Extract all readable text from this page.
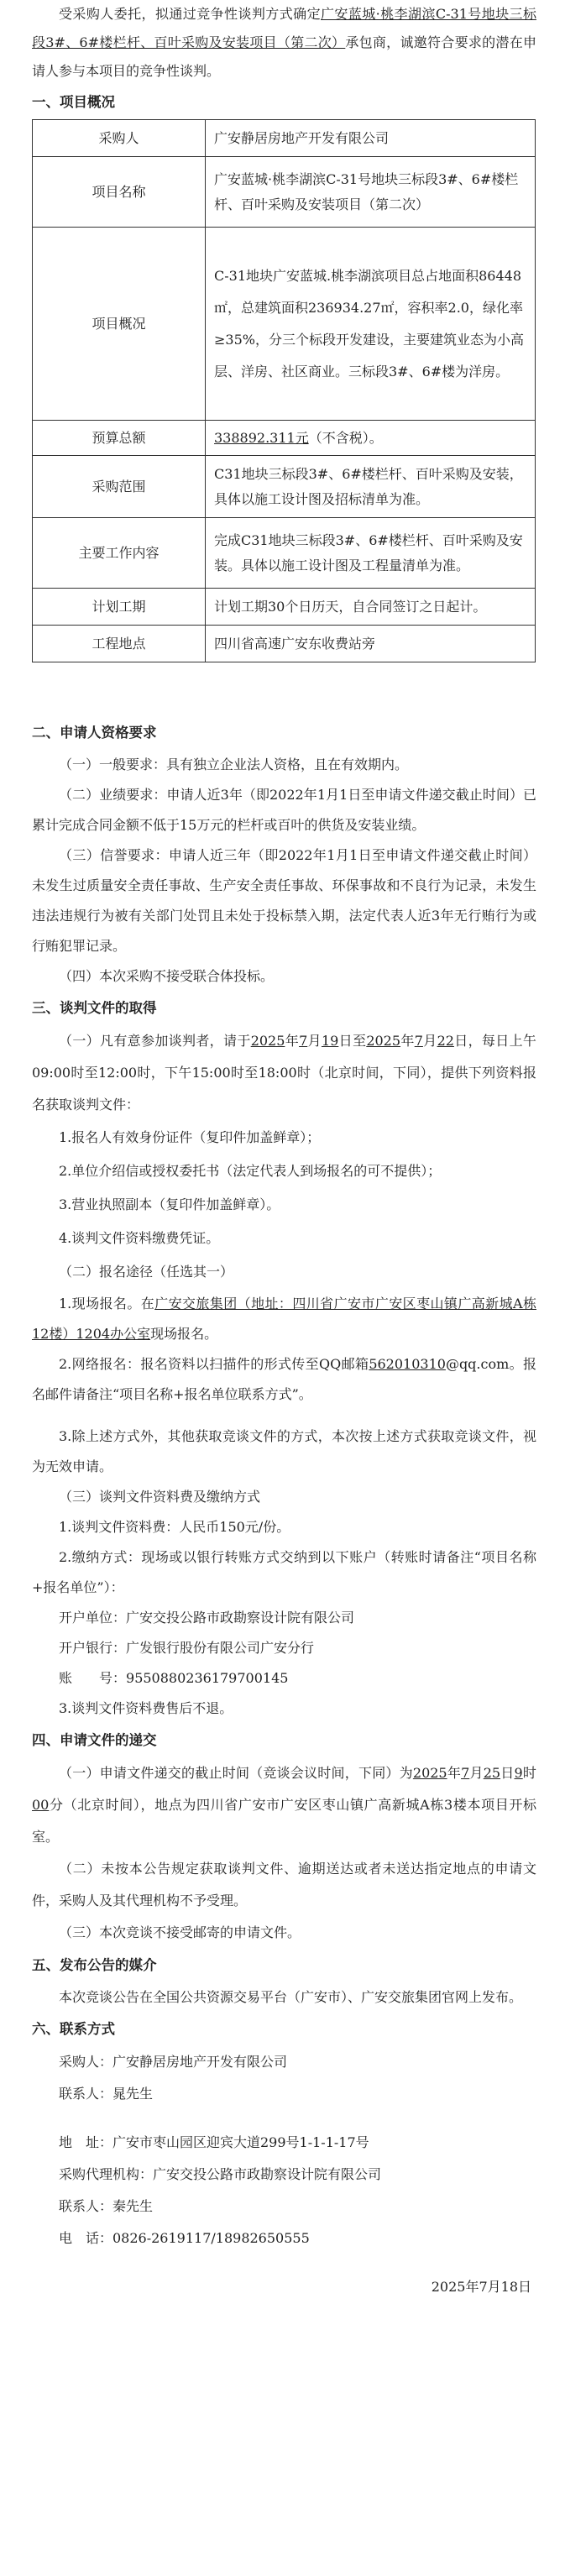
受采购人委托，拟通过竞争性谈判方式确定广安蓝城·桃李湖滨C-31号地块三标段3#、6#楼栏杆、百叶采购及安装项目（第二次）承包商，诚邀符合要求的潜在申请人参与本项目的竞争性谈判。

一、项目概况
采购人	广安静居房地产开发有限公司
项目名称	广安蓝城·桃李湖滨C-31号地块三标段3#、6#楼栏杆、百叶采购及安装项目（第二次）
项目概况	C-31地块广安蓝城.桃李湖滨项目总占地面积86448㎡，总建筑面积236934.27㎡，容积率2.0，绿化率≥35%，分三个标段开发建设，主要建筑业态为小高层、洋房、社区商业。三标段3#、6#楼为洋房。
预算总额	338892.311元（不含税）。
采购范围	C31地块三标段3#、6#楼栏杆、百叶采购及安装，具体以施工设计图及招标清单为准。
主要工作内容	完成C31地块三标段3#、6#楼栏杆、百叶采购及安装。具体以施工设计图及工程量清单为准。
计划工期	计划工期30个日历天，自合同签订之日起计。
工程地点	四川省高速广安东收费站旁
二、申请人资格要求

（一）一般要求：具有独立企业法人资格，且在有效期内。

（二）业绩要求：申请人近3年（即2022年1月1日至申请文件递交截止时间）已累计完成合同金额不低于15万元的栏杆或百叶的供货及安装业绩。

（三）信誉要求：申请人近三年（即2022年1月1日至申请文件递交截止时间）未发生过质量安全责任事故、生产安全责任事故、环保事故和不良行为记录，未发生违法违规行为被有关部门处罚且未处于投标禁入期，法定代表人近3年无行贿行为或行贿犯罪记录。

（四）本次采购不接受联合体投标。

三、谈判文件的取得

（一）凡有意参加谈判者，请于2025年7月19日至2025年7月22日，每日上午09:00时至12:00时，下午15:00时至18:00时（北京时间，下同），提供下列资料报名获取谈判文件：

1.报名人有效身份证件（复印件加盖鲜章）；

2.单位介绍信或授权委托书（法定代表人到场报名的可不提供）；

3.营业执照副本（复印件加盖鲜章）。

4.谈判文件资料缴费凭证。

（二）报名途径（任选其一）

1.现场报名。在广安交旅集团（地址：四川省广安市广安区枣山镇广高新城A栋12楼）1204办公室现场报名。

2.网络报名：报名资料以扫描件的形式传至QQ邮箱562010310@qq.com。报名邮件请备注“项目名称+报名单位联系方式”。

3.除上述方式外，其他获取竞谈文件的方式，本次按上述方式获取竞谈文件，视为无效申请。

（三）谈判文件资料费及缴纳方式

1.谈判文件资料费：人民币150元/份。

2.缴纳方式：现场或以银行转账方式交纳到以下账户（转账时请备注“项目名称+报名单位”）：

开户单位：广安交投公路市政勘察设计院有限公司

开户银行：广发银行股份有限公司广安分行

账　　号：9550880236179700145

3.谈判文件资料费售后不退。

四、申请文件的递交

（一）申请文件递交的截止时间（竞谈会议时间，下同）为2025年7月25日9时00分（北京时间），地点为四川省广安市广安区枣山镇广高新城A栋3楼本项目开标室。

（二）未按本公告规定获取谈判文件、逾期送达或者未送达指定地点的申请文件，采购人及其代理机构不予受理。

（三）本次竞谈不接受邮寄的申请文件。

五、发布公告的媒介

本次竞谈公告在全国公共资源交易平台（广安市）、广安交旅集团官网上发布。

六、联系方式

采购人：广安静居房地产开发有限公司

联系人：晁先生

地　址：广安市枣山园区迎宾大道299号1-1-1-17号

采购代理机构：广安交投公路市政勘察设计院有限公司

联系人：秦先生

电　话：0826-2619117/18982650555

2025年7月18日
